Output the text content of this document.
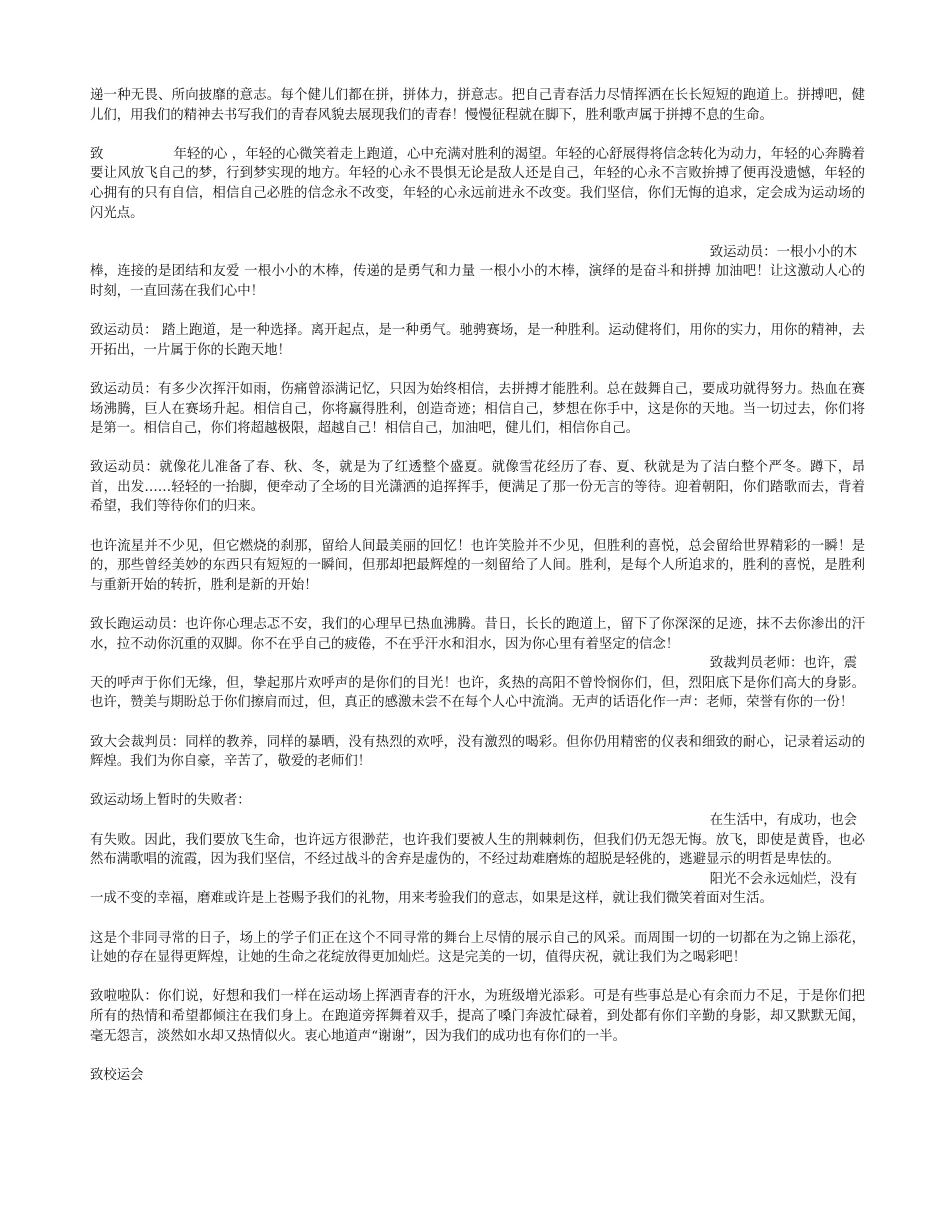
递一种无畏、所向披靡的意志。每个健儿们都在拼，拼体力，拼意志。把自己青春活力尽情挥洒在长长短短的跑道上。拼搏吧，健儿们，用我们的精神去书写我们的青春风貌去展现我们的青春！慢慢征程就在脚下，胜利歌声属于拼搏不息的生命。

致	年轻的心 ，年轻的心微笑着走上跑道，心中充满对胜利的渴望。年轻的心舒展得将信念转化为动力，年轻的心奔腾着要让风放飞自己的梦，行到梦实现的地方。年轻的心永不畏惧无论是敌人还是自己，年轻的心永不言败拚搏了便再没遗憾，年轻的心拥有的只有自信，相信自己必胜的信念永不改变，年轻的心永远前进永不改变。我们坚信，你们无悔的追求，定会成为运动场的闪光点。

致运动员：一根小小的木

棒，连接的是团结和友爱 一根小小的木棒，传递的是勇气和力量 一根小小的木棒，演绎的是奋斗和拼搏 加油吧！让这激动人心的时刻，一直回荡在我们心中！

致运动员： 踏上跑道，是一种选择。离开起点，是一种勇气。驰骋赛场，是一种胜利。运动健将们，用你的实力，用你的精神，去开拓出，一片属于你的长跑天地！

致运动员：有多少次挥汗如雨，伤痛曾添满记忆，只因为始终相信，去拼搏才能胜利。总在鼓舞自己，要成功就得努力。热血在赛场沸腾，巨人在赛场升起。相信自己，你将赢得胜利，创造奇迹；相信自己，梦想在你手中，这是你的天地。当一切过去，你们将是第一。相信自己，你们将超越极限，超越自己！相信自己，加油吧，健儿们，相信你自己。

致运动员：就像花儿准备了春、秋、冬，就是为了红透整个盛夏。就像雪花经历了春、夏、秋就是为了洁白整个严冬。蹲下，昂首，出发……轻轻的一抬脚，便牵动了全场的目光潇洒的追挥挥手，便满足了那一份无言的等待。迎着朝阳，你们踏歌而去，背着希望，我们等待你们的归来。

也许流星并不少见，但它燃烧的刹那，留给人间最美丽的回忆！也许笑脸并不少见，但胜利的喜悦，总会留给世界精彩的一瞬！是的，那些曾经美妙的东西只有短短的一瞬间，但那却把最辉煌的一刻留给了人间。胜利，是每个人所追求的，胜利的喜悦，是胜利与重新开始的转折，胜利是新的开始！

致长跑运动员：也许你心理忐忑不安，我们的心理早已热血沸腾。昔日，长长的跑道上，留下了你深深的足迹，抹不去你渗出的汗水，拉不动你沉重的双脚。你不在乎自己的疲倦，不在乎汗水和泪水，因为你心里有着坚定的信念！

致裁判员老师：也许，震

天的呼声于你们无缘，但，挚起那片欢呼声的是你们的目光！也许，炙热的高阳不曾怜悯你们，但，烈阳底下是你们高大的身影。也许，赞美与期盼总于你们擦肩而过，但，真正的感激未尝不在每个人心中流淌。无声的话语化作一声：老师，荣誉有你的一份！

致大会裁判员：同样的教养，同样的暴晒，没有热烈的欢呼，没有激烈的喝彩。但你仍用精密的仪表和细致的耐心，记录着运动的辉煌。我们为你自豪，辛苦了，敬爱的老师们！

致运动场上暂时的失败者：
在生活中，有成功，也会

有失败。因此，我们要放飞生命，也许远方很渺茫，也许我们要被人生的荆棘刺伤，但我们仍无怨无悔。放飞，即使是黄昏，也必然布满歌唱的流霞，因为我们坚信，不经过战斗的舍弃是虚伪的，不经过劫难磨炼的超脱是轻佻的，逃避显示的明哲是卑怯的。

阳光不会永远灿烂，没有

一成不变的幸福，磨难或许是上苍赐予我们的礼物，用来考验我们的意志，如果是这样，就让我们微笑着面对生活。

这是个非同寻常的日子，场上的学子们正在这个不同寻常的舞台上尽情的展示自己的风采。而周围一切的一切都在为之锦上添花，让她的存在显得更辉煌，让她的生命之花绽放得更加灿烂。这是完美的一切，值得庆祝，就让我们为之喝彩吧！

致啦啦队：你们说，好想和我们一样在运动场上挥洒青春的汗水，为班级增光添彩。可是有些事总是心有余而力不足，于是你们把所有的热情和希望都倾注在我们身上。在跑道旁挥舞着双手，提高了嗓门奔波忙碌着，到处都有你们辛勤的身影，却又默默无闻，毫无怨言，淡然如水却又热情似火。衷心地道声“谢谢”，因为我们的成功也有你们的一半。

致校运会
